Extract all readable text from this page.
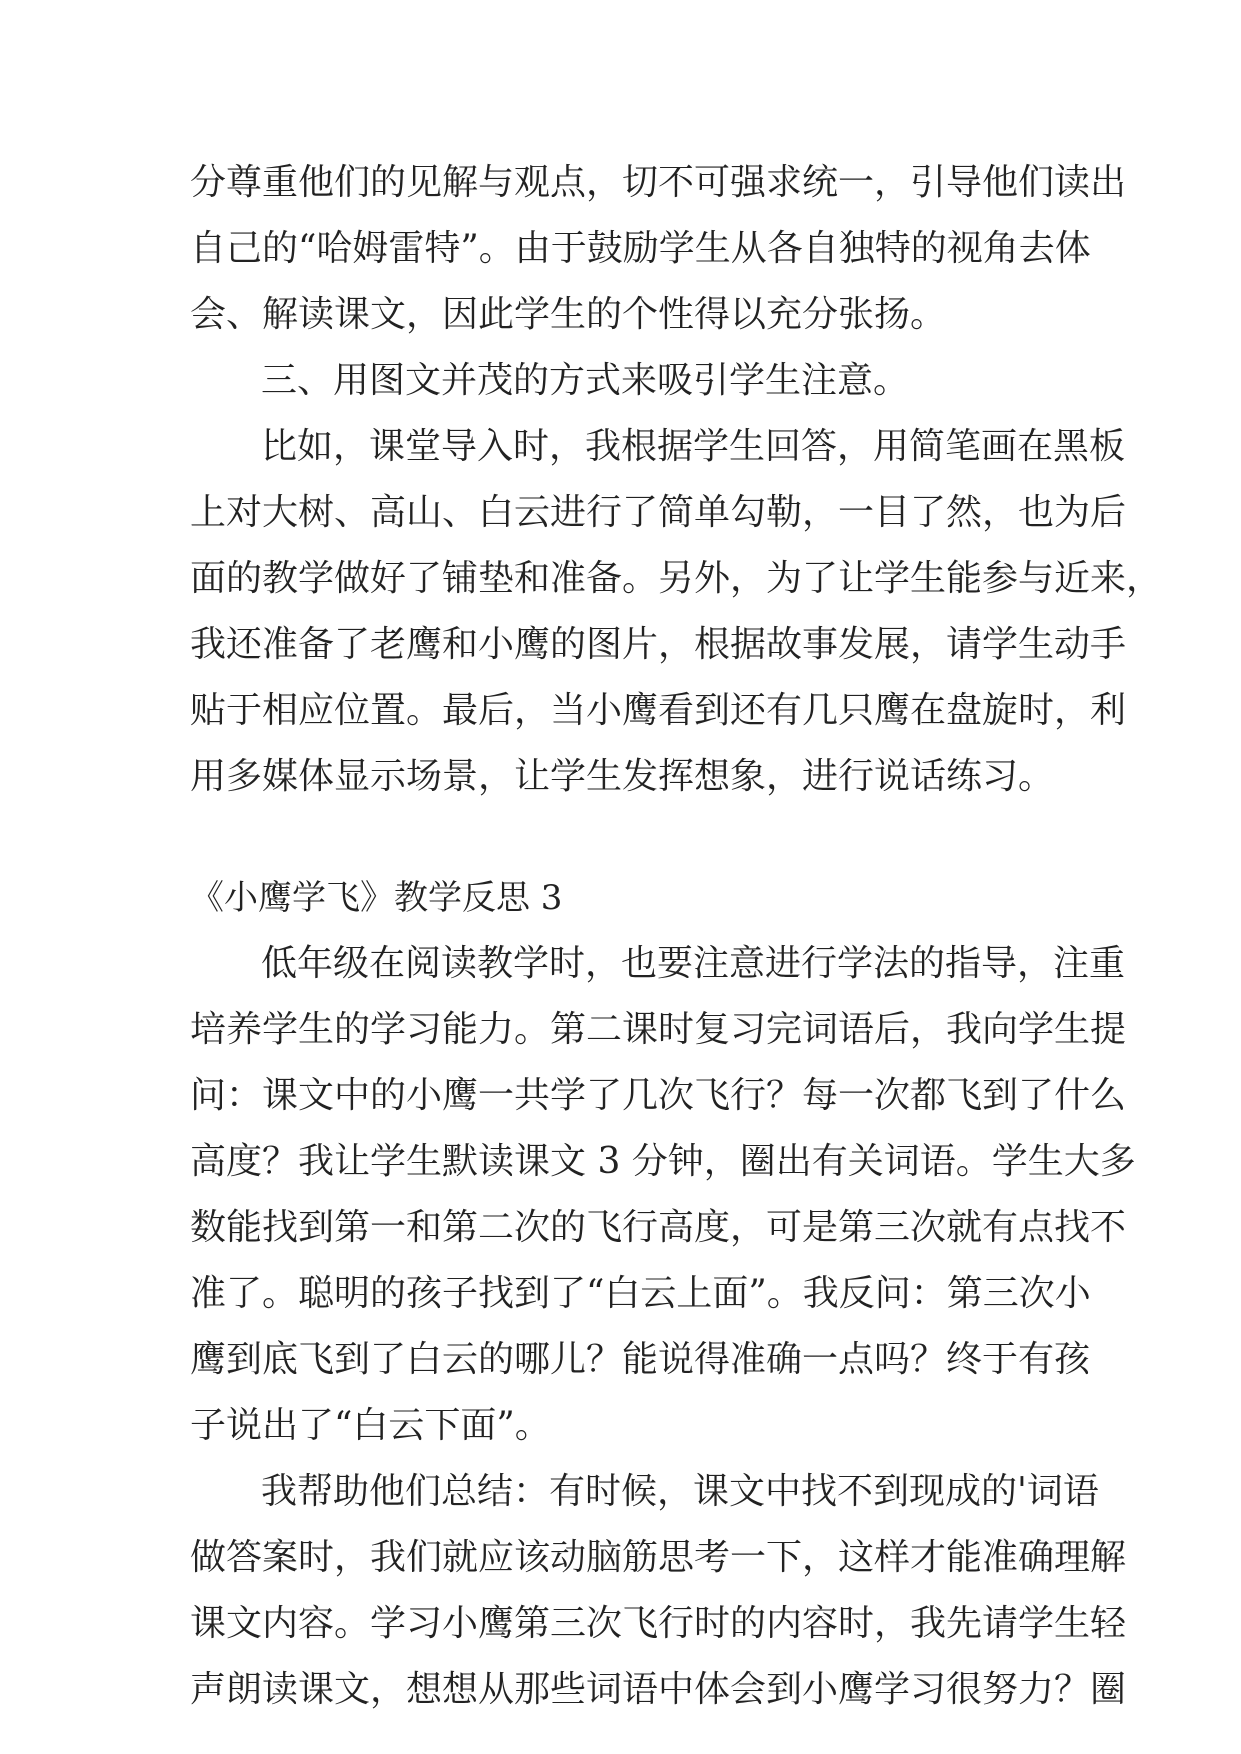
分尊重他们的见解与观点，切不可强求统一，引导他们读出
自己的“哈姆雷特”。由于鼓励学生从各自独特的视角去体
会、解读课文，因此学生的个性得以充分张扬。
三、用图文并茂的方式来吸引学生注意。
比如，课堂导入时，我根据学生回答，用简笔画在黑板
上对大树、高山、白云进行了简单勾勒，一目了然，也为后
面的教学做好了铺垫和准备。另外，为了让学生能参与近来，
我还准备了老鹰和小鹰的图片，根据故事发展，请学生动手
贴于相应位置。最后，当小鹰看到还有几只鹰在盘旋时，利
用多媒体显示场景，让学生发挥想象，进行说话练习。
《小鹰学飞》教学反思 3
低年级在阅读教学时，也要注意进行学法的指导，注重
培养学生的学习能力。第二课时复习完词语后，我向学生提
问：课文中的小鹰一共学了几次飞行？每一次都飞到了什么
高度？我让学生默读课文 3 分钟，圈出有关词语。学生大多
数能找到第一和第二次的飞行高度，可是第三次就有点找不
准了。聪明的孩子找到了“白云上面”。我反问：第三次小
鹰到底飞到了白云的哪儿？能说得准确一点吗？终于有孩
子说出了“白云下面”。
我帮助他们总结：有时候，课文中找不到现成的'词语
做答案时，我们就应该动脑筋思考一下，这样才能准确理解
课文内容。学习小鹰第三次飞行时的内容时，我先请学生轻
声朗读课文，想想从那些词语中体会到小鹰学习很努力？圈
